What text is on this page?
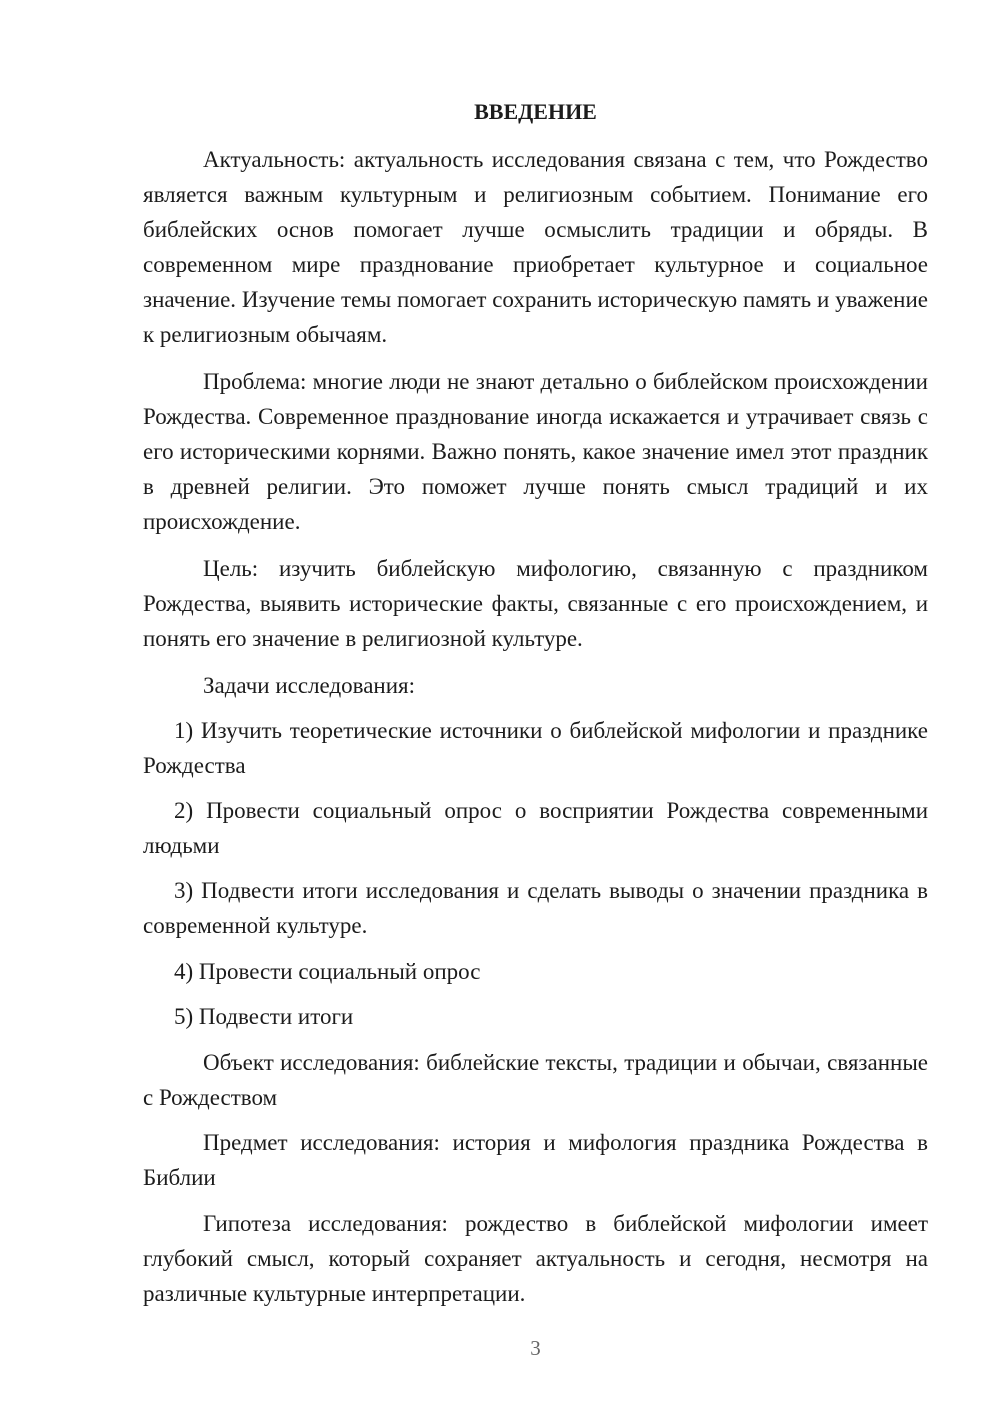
ВВЕДЕНИЕ

Актуальность: актуальность исследования связана с тем, что Рождество является важным культурным и религиозным событием. Понимание его библейских основ помогает лучше осмыслить традиции и обряды. В современном мире празднование приобретает культурное и социальное значение. Изучение темы помогает сохранить историческую память и уважение к религиозным обычаям.

Проблема: многие люди не знают детально о библейском происхождении Рождества. Современное празднование иногда искажается и утрачивает связь с его историческими корнями. Важно понять, какое значение имел этот праздник в древней религии. Это поможет лучше понять смысл традиций и их происхождение.

Цель: изучить библейскую мифологию, связанную с праздником Рождества, выявить исторические факты, связанные с его происхождением, и понять его значение в религиозной культуре.

Задачи исследования:

1) Изучить теоретические источники о библейской мифологии и празднике Рождества

2) Провести социальный опрос о восприятии Рождества современными людьми

3) Подвести итоги исследования и сделать выводы о значении праздника в современной культуре.

4) Провести социальный опрос

5) Подвести итоги

Объект исследования: библейские тексты, традиции и обычаи, связанные с Рождеством

Предмет исследования: история и мифология праздника Рождества в Библии

Гипотеза исследования: рождество в библейской мифологии имеет глубокий смысл, который сохраняет актуальность и сегодня, несмотря на различные культурные интерпретации.

3
